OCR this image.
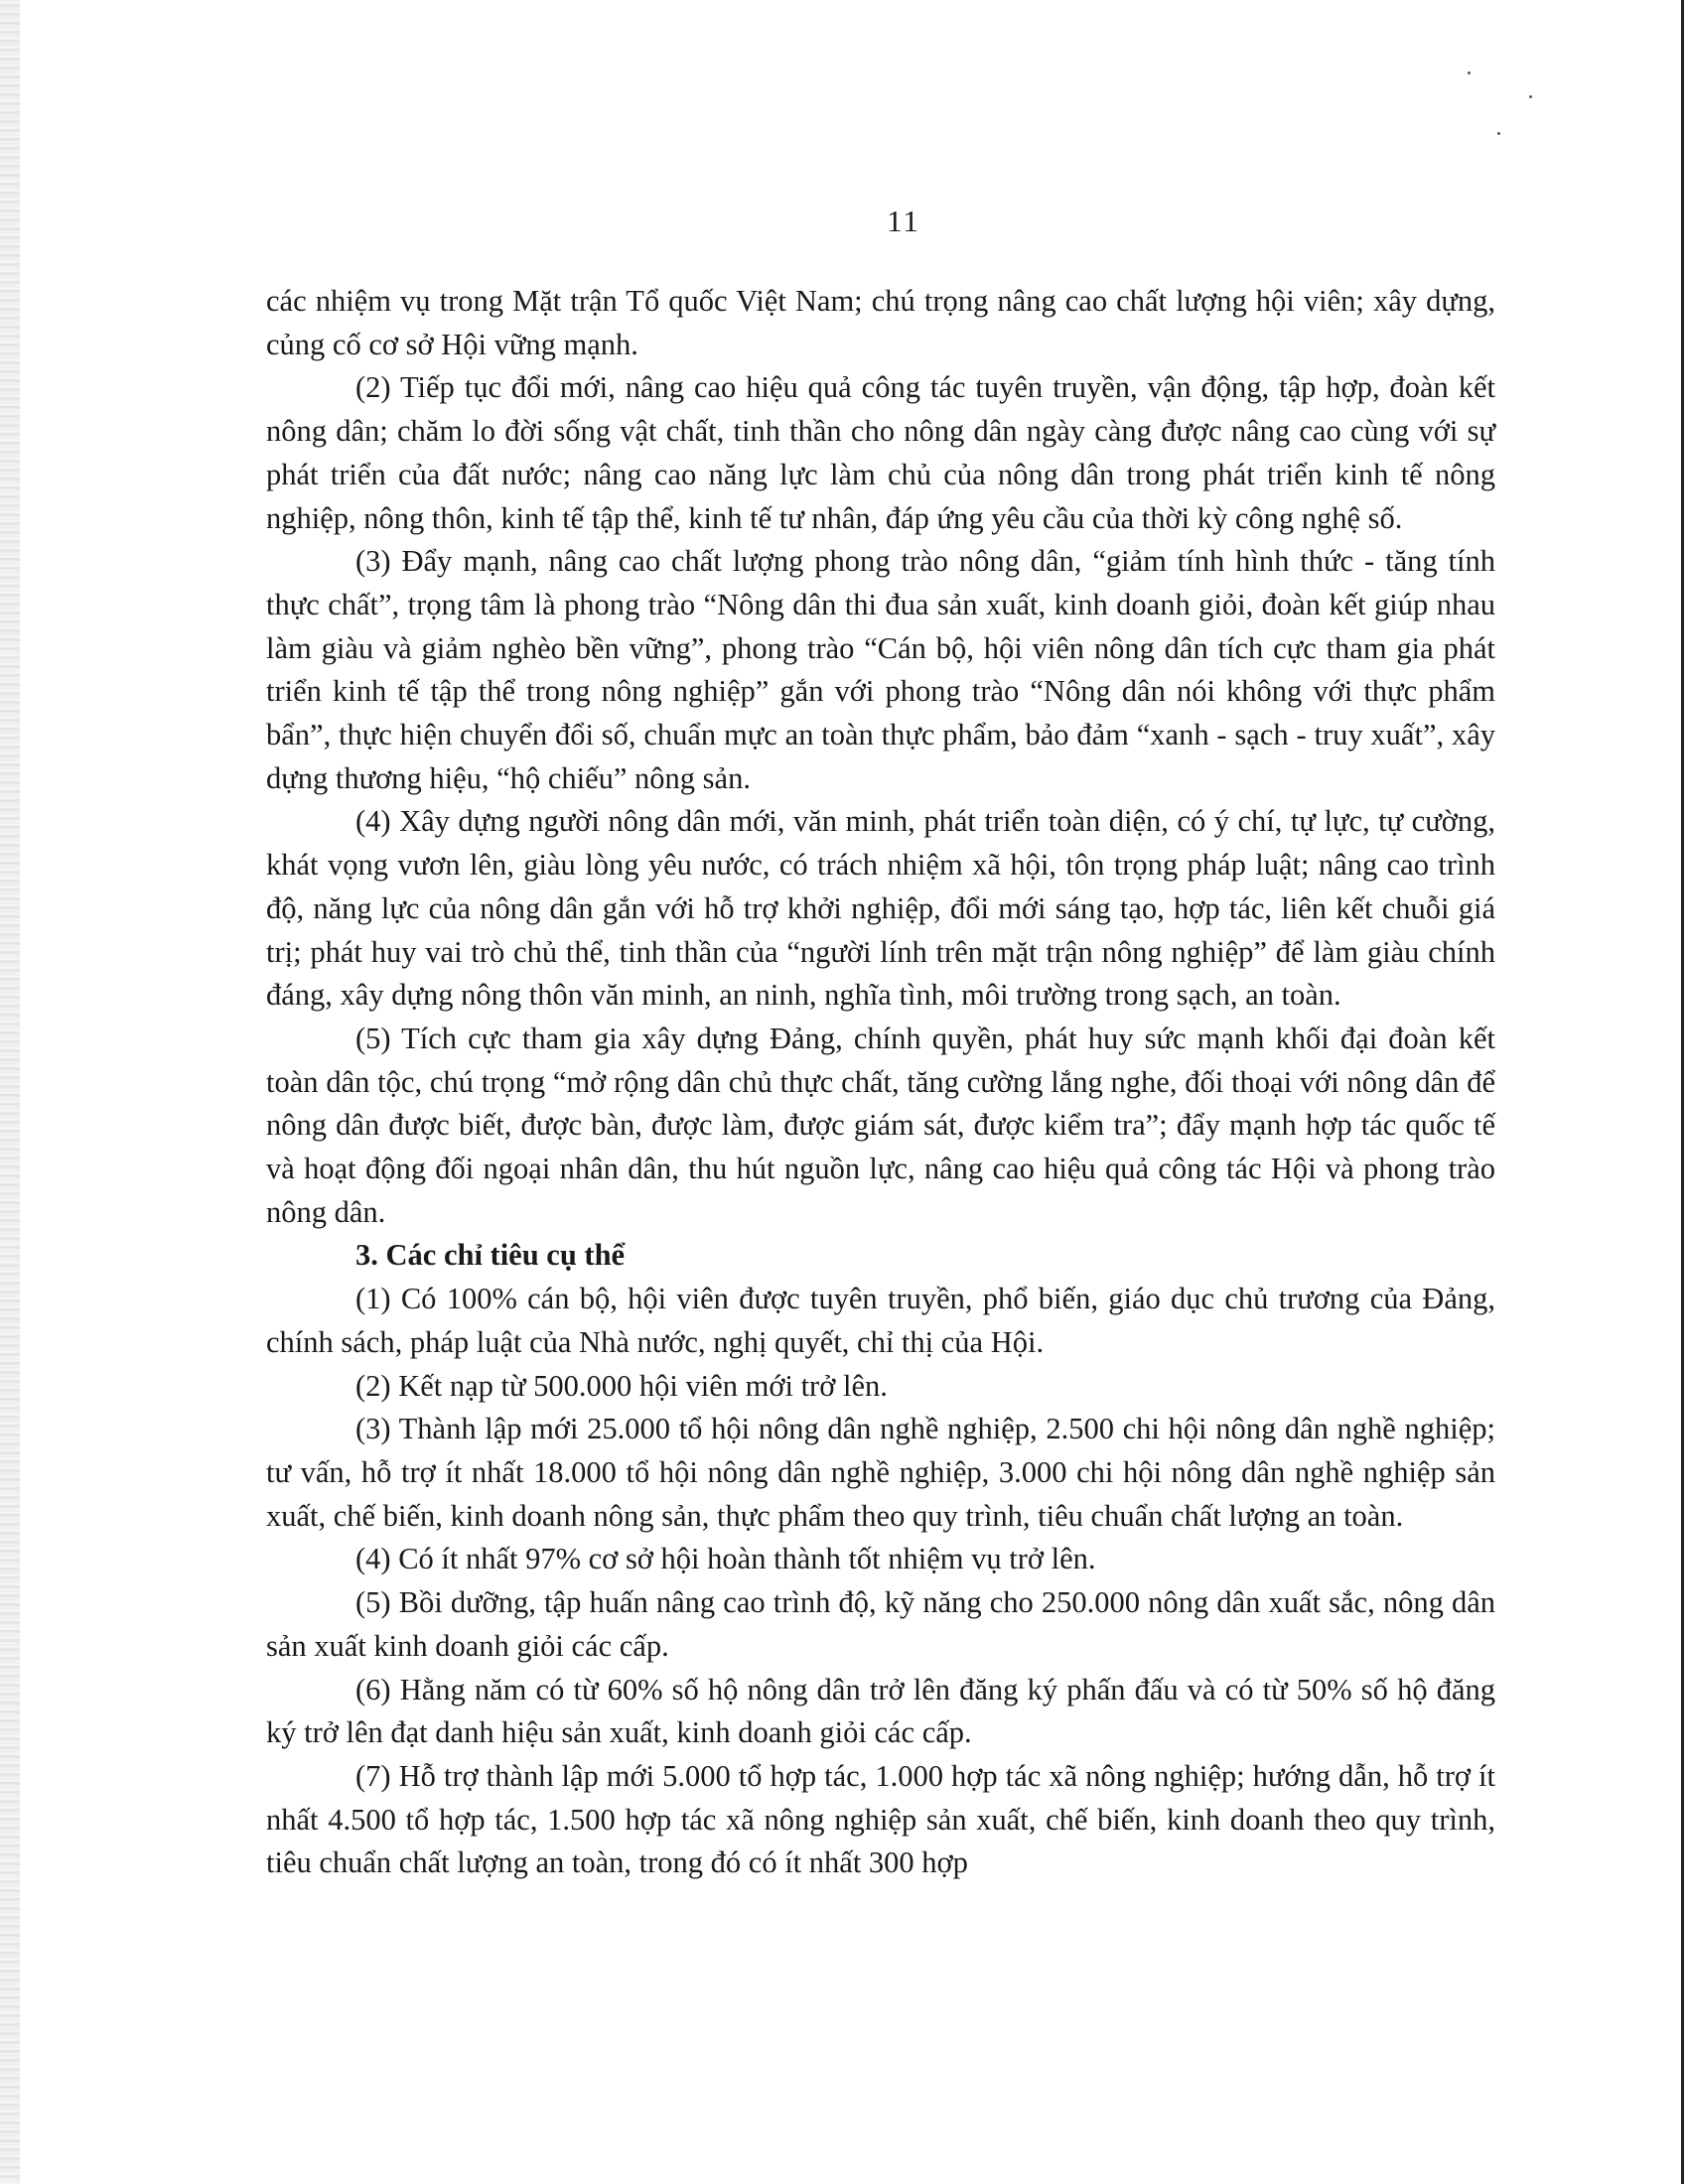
11

các nhiệm vụ trong Mặt trận Tổ quốc Việt Nam; chú trọng nâng cao chất lượng hội viên; xây dựng, củng cố cơ sở Hội vững mạnh.

(2) Tiếp tục đổi mới, nâng cao hiệu quả công tác tuyên truyền, vận động, tập hợp, đoàn kết nông dân; chăm lo đời sống vật chất, tinh thần cho nông dân ngày càng được nâng cao cùng với sự phát triển của đất nước; nâng cao năng lực làm chủ của nông dân trong phát triển kinh tế nông nghiệp, nông thôn, kinh tế tập thể, kinh tế tư nhân, đáp ứng yêu cầu của thời kỳ công nghệ số.

(3) Đẩy mạnh, nâng cao chất lượng phong trào nông dân, “giảm tính hình thức - tăng tính thực chất”, trọng tâm là phong trào “Nông dân thi đua sản xuất, kinh doanh giỏi, đoàn kết giúp nhau làm giàu và giảm nghèo bền vững”, phong trào “Cán bộ, hội viên nông dân tích cực tham gia phát triển kinh tế tập thể trong nông nghiệp” gắn với phong trào “Nông dân nói không với thực phẩm bẩn”, thực hiện chuyển đổi số, chuẩn mực an toàn thực phẩm, bảo đảm “xanh - sạch - truy xuất”, xây dựng thương hiệu, “hộ chiếu” nông sản.

(4) Xây dựng người nông dân mới, văn minh, phát triển toàn diện, có ý chí, tự lực, tự cường, khát vọng vươn lên, giàu lòng yêu nước, có trách nhiệm xã hội, tôn trọng pháp luật; nâng cao trình độ, năng lực của nông dân gắn với hỗ trợ khởi nghiệp, đổi mới sáng tạo, hợp tác, liên kết chuỗi giá trị; phát huy vai trò chủ thể, tinh thần của “người lính trên mặt trận nông nghiệp” để làm giàu chính đáng, xây dựng nông thôn văn minh, an ninh, nghĩa tình, môi trường trong sạch, an toàn.

(5) Tích cực tham gia xây dựng Đảng, chính quyền, phát huy sức mạnh khối đại đoàn kết toàn dân tộc, chú trọng “mở rộng dân chủ thực chất, tăng cường lắng nghe, đối thoại với nông dân để nông dân được biết, được bàn, được làm, được giám sát, được kiểm tra”; đẩy mạnh hợp tác quốc tế và hoạt động đối ngoại nhân dân, thu hút nguồn lực, nâng cao hiệu quả công tác Hội và phong trào nông dân.

3. Các chỉ tiêu cụ thể

(1) Có 100% cán bộ, hội viên được tuyên truyền, phổ biến, giáo dục chủ trương của Đảng, chính sách, pháp luật của Nhà nước, nghị quyết, chỉ thị của Hội.

(2) Kết nạp từ 500.000 hội viên mới trở lên.

(3) Thành lập mới 25.000 tổ hội nông dân nghề nghiệp, 2.500 chi hội nông dân nghề nghiệp; tư vấn, hỗ trợ ít nhất 18.000 tổ hội nông dân nghề nghiệp, 3.000 chi hội nông dân nghề nghiệp sản xuất, chế biến, kinh doanh nông sản, thực phẩm theo quy trình, tiêu chuẩn chất lượng an toàn.

(4) Có ít nhất 97% cơ sở hội hoàn thành tốt nhiệm vụ trở lên.

(5) Bồi dưỡng, tập huấn nâng cao trình độ, kỹ năng cho 250.000 nông dân xuất sắc, nông dân sản xuất kinh doanh giỏi các cấp.

(6) Hằng năm có từ 60% số hộ nông dân trở lên đăng ký phấn đấu và có từ 50% số hộ đăng ký trở lên đạt danh hiệu sản xuất, kinh doanh giỏi các cấp.

(7) Hỗ trợ thành lập mới 5.000 tổ hợp tác, 1.000 hợp tác xã nông nghiệp; hướng dẫn, hỗ trợ ít nhất 4.500 tổ hợp tác, 1.500 hợp tác xã nông nghiệp sản xuất, chế biến, kinh doanh theo quy trình, tiêu chuẩn chất lượng an toàn, trong đó có ít nhất 300 hợp
